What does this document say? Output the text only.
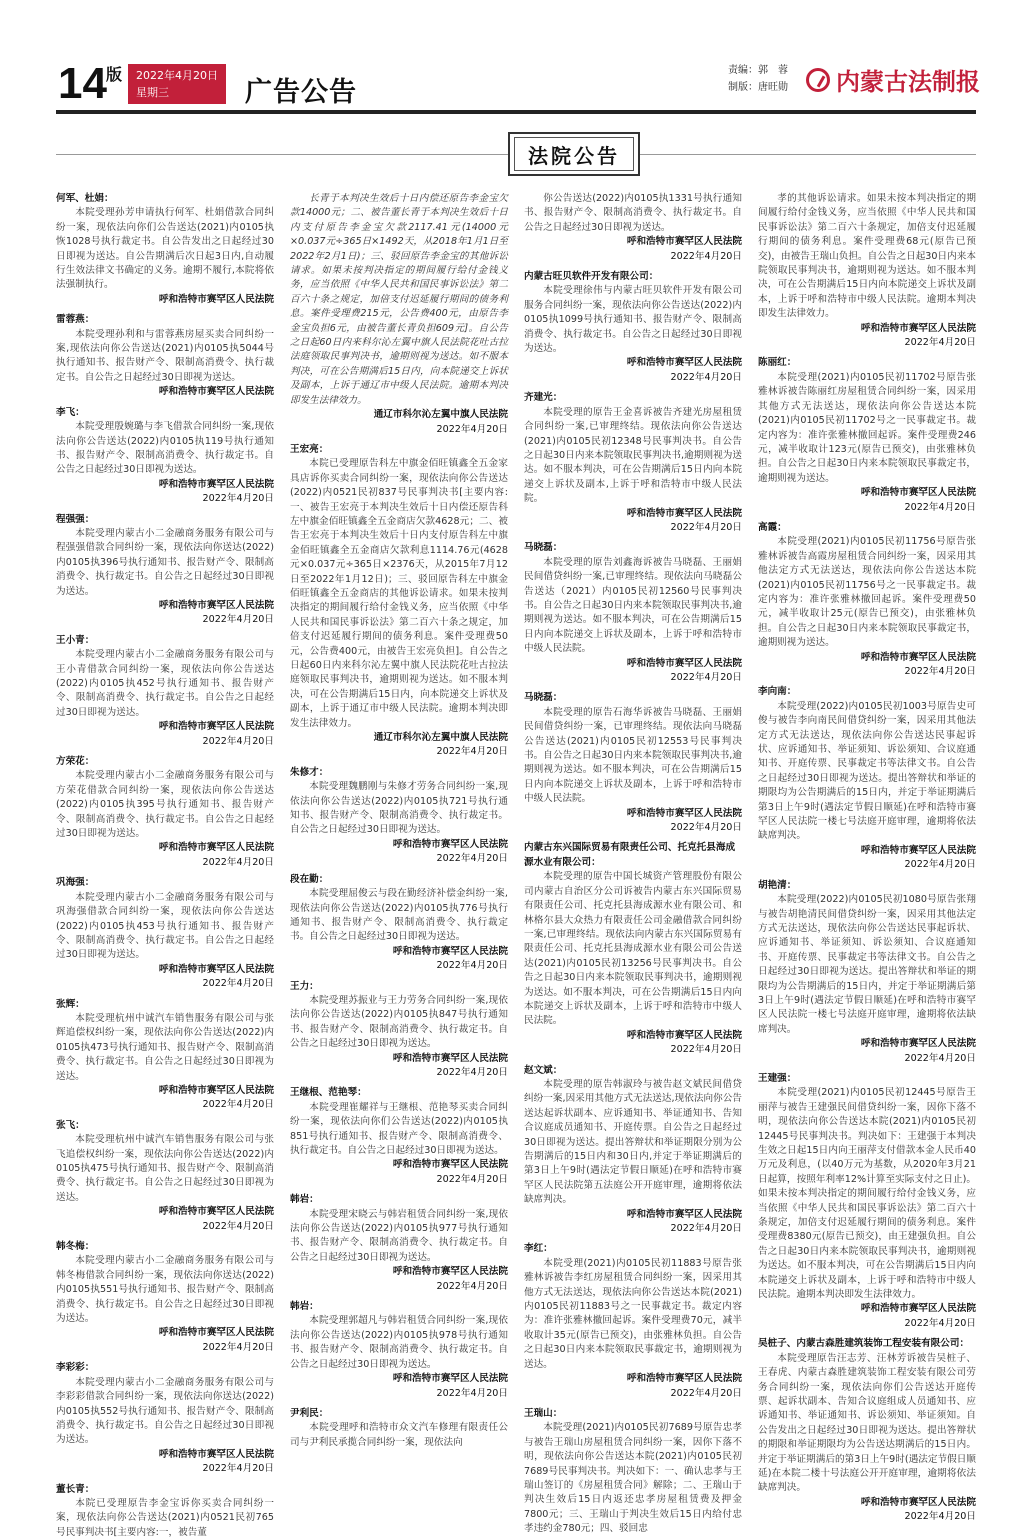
14 版 2022年4月20日
星期三	广告公告
责编：郭　蓉
制版：唐旺勋 内蒙古法制报
法院公告
何军、杜娟：
本院受理孙芳申请执行何军、杜娟借款合同纠纷一案，现依法向你们公告送达(2021)内0105执恢1028号执行裁定书。自公告发出之日起经过30日即视为送达。自公告期满后次日起3日内,自动履行生效法律文书确定的义务。逾期不履行,本院将依法强制执行。
呼和浩特市赛罕区人民法院
雷蓉燕：
本院受理孙利和与雷蓉燕房屋买卖合同纠纷一案,现依法向你公告送达(2021)内0105执5044号执行通知书、报告财产令、限制高消费令、执行裁定书。自公告之日起经过30日即视为送达。
呼和浩特市赛罕区人民法院
李飞：
本院受理殷婉璐与李飞借款合同纠纷一案,现依法向你公告送达(2022)内0105执119号执行通知书、报告财产令、限制高消费令、执行裁定书。自公告之日起经过30日即视为送达。
呼和浩特市赛罕区人民法院
2022年4月20日
程强强：
本院受理内蒙古小二金融商务服务有限公司与程强强借款合同纠纷一案，现依法向你送达(2022)内0105执396号执行通知书、报告财产令、限制高消费令、执行裁定书。自公告之日起经过30日即视为送达。
呼和浩特市赛罕区人民法院
2022年4月20日
王小青：
本院受理内蒙古小二金融商务服务有限公司与王小青借款合同纠纷一案，现依法向你公告送达(2022)内0105执452号执行通知书、报告财产令、限制高消费令、执行裁定书。自公告之日起经过30日即视为送达。
呼和浩特市赛罕区人民法院
2022年4月20日
方荣花：
本院受理内蒙古小二金融商务服务有限公司与方荣花借款合同纠纷一案，现依法向你公告送达(2022)内0105执395号执行通知书、报告财产令、限制高消费令、执行裁定书。自公告之日起经过30日即视为送达。
呼和浩特市赛罕区人民法院
2022年4月20日
巩海强：
本院受理内蒙古小二金融商务服务有限公司与巩海强借款合同纠纷一案，现依法向你公告送达(2022)内0105执453号执行通知书、报告财产令、限制高消费令、执行裁定书。自公告之日起经过30日即视为送达。
呼和浩特市赛罕区人民法院
2022年4月20日
张辉：
本院受理杭州中诚汽车销售服务有限公司与张辉追偿权纠纷一案，现依法向你公告送达(2022)内0105执473号执行通知书、报告财产令、限制高消费令、执行裁定书。自公告之日起经过30日即视为送达。
呼和浩特市赛罕区人民法院
2022年4月20日
张飞：
本院受理杭州中诚汽车销售服务有限公司与张飞追偿权纠纷一案，现依法向你公告送达(2022)内0105执475号执行通知书、报告财产令、限制高消费令、执行裁定书。自公告之日起经过30日即视为送达。
呼和浩特市赛罕区人民法院
2022年4月20日
韩冬梅：
本院受理内蒙古小二金融商务服务有限公司与韩冬梅借款合同纠纷一案，现依法向你送达(2022)内0105执551号执行通知书、报告财产令、限制高消费令、执行裁定书。自公告之日起经过30日即视为送达。
呼和浩特市赛罕区人民法院
2022年4月20日
李彩彩：
本院受理内蒙古小二金融商务服务有限公司与李彩彩借款合同纠纷一案，现依法向你送达(2022)内0105执552号执行通知书、报告财产令、限制高消费令、执行裁定书。自公告之日起经过30日即视为送达。
呼和浩特市赛罕区人民法院
2022年4月20日
董长青：
本院已受理原告李金宝诉你买卖合同纠纷一案，现依法向你公告送达(2021)内0521民初765号民事判决书[主要内容:一，被告董
长青于本判决生效后十日内偿还原告李金宝欠款14000元；二、被告董长青于本判决生效后十日内支付原告李金宝欠款2117.41元(14000元×0.037元÷365日×1492天，从2018年1月1日至2022年2月1日)；三、驳回原告李金宝的其他诉讼请求。如果未按判决指定的期间履行给付金钱义务，应当依照《中华人民共和国民事诉讼法》第二百六十条之规定，加倍支付迟延履行期间的债务利息。案件受理费215元，公告费400元，由原告李金宝负担6元，由被告董长青负担609元]。自公告之日起60日内来科尔沁左翼中旗人民法院花吐古拉法庭领取民事判决书，逾期则视为送达。如不服本判决，可在公告期满后15日内，向本院递交上诉状及副本，上诉于通辽市中级人民法院。逾期本判决即发生法律效力。
通辽市科尔沁左翼中旗人民法院
2022年4月20日
王宏亮：
本院已受理原告科左中旗金佰旺镇鑫全五金家具店诉你买卖合同纠纷一案，现依法向你公告送达(2022)内0521民初837号民事判决书[主要内容:一、被告王宏亮于本判决生效后十日内偿还原告科左中旗金佰旺镇鑫全五金商店欠款4628元；二、被告王宏亮于本判决生效后十日内支付原告科左中旗金佰旺镇鑫全五金商店欠款利息1114.76元(4628元×0.037元÷365日×2376天，从2015年7月12日至2022年1月12日)；三、驳回原告科左中旗金佰旺镇鑫全五金商店的其他诉讼请求。如果未按判决指定的期间履行给付金钱义务，应当依照《中华人民共和国民事诉讼法》第二百六十条之规定，加倍支付迟延履行期间的债务利息。案件受理费50元，公告费400元，由被告王宏亮负担]。自公告之日起60日内来科尔沁左翼中旗人民法院花吐古拉法庭领取民事判决书，逾期则视为送达。如不服本判决，可在公告期满后15日内，向本院递交上诉状及副本，上诉于通辽市中级人民法院。逾期本判决即发生法律效力。
通辽市科尔沁左翼中旗人民法院
2022年4月20日
朱修才：
本院受理魏鹏刚与朱修才劳务合同纠纷一案,现依法向你公告送达(2022)内0105执721号执行通知书、报告财产令、限制高消费令、执行裁定书。自公告之日起经过30日即视为送达。
呼和浩特市赛罕区人民法院
2022年4月20日
段在勤：
本院受理屈俊云与段在勤经济补偿金纠纷一案,现依法向你公告送达(2022)内0105执776号执行通知书、报告财产令、限制高消费令、执行裁定书。自公告之日起经过30日即视为送达。
呼和浩特市赛罕区人民法院
2022年4月20日
王力：
本院受理苏振业与王力劳务合同纠纷一案,现依法向你公告送达(2022)内0105执847号执行通知书、报告财产令、限制高消费令、执行裁定书。自公告之日起经过30日即视为送达。
呼和浩特市赛罕区人民法院
2022年4月20日
王继根、范艳琴：
本院受理崔耀祥与王继根、范艳琴买卖合同纠纷一案，现依法向你们公告送达(2022)内0105执851号执行通知书、报告财产令、限制高消费令、执行裁定书。自公告之日起经过30日即视为送达。
呼和浩特市赛罕区人民法院
2022年4月20日
韩岩：
本院受理宋晓云与韩岩租赁合同纠纷一案,现依法向你公告送达(2022)内0105执977号执行通知书、报告财产令、限制高消费令、执行裁定书。自公告之日起经过30日即视为送达。
呼和浩特市赛罕区人民法院
2022年4月20日
韩岩：
本院受理郭超凡与韩岩租赁合同纠纷一案,现依法向你公告送达(2022)内0105执978号执行通知书、报告财产令、限制高消费令、执行裁定书。自公告之日起经过30日即视为送达。
呼和浩特市赛罕区人民法院
2022年4月20日
尹利民：
本院受理呼和浩特市众文汽车修理有限责任公司与尹利民承揽合同纠纷一案，现依法向
你公告送达(2022)内0105执1331号执行通知书、报告财产令、限制高消费令、执行裁定书。自公告之日起经过30日即视为送达。
呼和浩特市赛罕区人民法院
2022年4月20日
内蒙古旺贝软件开发有限公司：
本院受理徐伟与内蒙古旺贝软件开发有限公司服务合同纠纷一案，现依法向你公告送达(2022)内0105执1099号执行通知书、报告财产令、限制高消费令、执行裁定书。自公告之日起经过30日即视为送达。
呼和浩特市赛罕区人民法院
2022年4月20日
齐建光：
本院受理的原告王金喜诉被告齐建光房屋租赁合同纠纷一案,已审理终结。现依法向你公告送达(2021)内0105民初12348号民事判决书。自公告之日起30日内来本院领取民事判决书,逾期则视为送达。如不服本判决，可在公告期满后15日内向本院递交上诉状及副本,上诉于呼和浩特市中级人民法院。
呼和浩特市赛罕区人民法院
2022年4月20日
马晓磊：
本院受理的原告刘鑫海诉被告马晓磊、王丽娟民间借贷纠纷一案,已审理终结。现依法向马晓磊公告送达（2021）内0105民初12560号民事判决书。自公告之日起30日内来本院领取民事判决书,逾期则视为送达。如不服本判决，可在公告期满后15日内向本院递交上诉状及副本，上诉于呼和浩特市中级人民法院。
呼和浩特市赛罕区人民法院
2022年4月20日
马晓磊：
本院受理的原告石海华诉被告马晓磊、王丽娟民间借贷纠纷一案，已审理终结。现依法向马晓磊公告送达(2021)内0105民初12553号民事判决书。自公告之日起30日内来本院领取民事判决书,逾期则视为送达。如不服本判决，可在公告期满后15日内向本院递交上诉状及副本，上诉于呼和浩特市中级人民法院。
呼和浩特市赛罕区人民法院
2022年4月20日
内蒙古东兴国际贸易有限责任公司、托克托县海成源水业有限公司：
本院受理的原告中国长城资产管理股份有限公司内蒙古自治区分公司诉被告内蒙古东兴国际贸易有限责任公司、托克托县海成源水业有限公司、和林格尔县大众热力有限责任公司金融借款合同纠纷一案,已审理终结。现依法向内蒙古东兴国际贸易有限责任公司、托克托县海成源水业有限公司公告送达(2021)内0105民初13256号民事判决书。自公告之日起30日内来本院领取民事判决书，逾期则视为送达。如不服本判决，可在公告期满后15日内向本院递交上诉状及副本，上诉于呼和浩特市中级人民法院。
呼和浩特市赛罕区人民法院
2022年4月20日
赵文斌：
本院受理的原告韩淑玲与被告赵文斌民间借贷纠纷一案,因采用其他方式无法送达,现依法向你公告送达起诉状副本、应诉通知书、举证通知书、告知合议庭成员通知书、开庭传票。自公告之日起经过30日即视为送达。提出答辩状和举证期限分别为公告期满后的15日内和30日内,并定于举证期满后的第3日上午9时(遇法定节假日顺延)在呼和浩特市赛罕区人民法院第五法庭公开开庭审理，逾期将依法缺席判决。
呼和浩特市赛罕区人民法院
2022年4月20日
李红：
本院受理(2021)内0105民初11883号原告张雅林诉被告李红房屋租赁合同纠纷一案，因采用其他方式无法送达，现依法向你公告送达本院(2021)内0105民初11883号之一民事裁定书。裁定内容为：准许张雅林撤回起诉。案件受理费70元，减半收取计35元(原告已预交)，由张雅林负担。自公告之日起30日内来本院领取民事裁定书，逾期则视为送达。
呼和浩特市赛罕区人民法院
2022年4月20日
王瑞山：
本院受理(2021)内0105民初7689号原告忠孝与被告王瑞山房屋租赁合同纠纷一案，因你下落不明，现依法向你公告送达本院(2021)内0105民初7689号民事判决书。判决如下：一、确认忠孝与王瑞山签订的《房屋租赁合同》解除；二、王瑞山于判决生效后15日内返还忠孝房屋租赁费及押金7800元；三、王瑞山于判决生效后15日内给付忠孝违约金780元；四、驳回忠
孝的其他诉讼请求。如果未按本判决指定的期间履行给付金钱义务，应当依照《中华人民共和国民事诉讼法》第二百六十条规定，加倍支付迟延履行期间的债务利息。案件受理费68元(原告已预交)，由被告王瑞山负担。自公告之日起30日内来本院领取民事判决书，逾期则视为送达。如不服本判决，可在公告期满后15日内向本院递交上诉状及副本，上诉于呼和浩特市中级人民法院。逾期本判决即发生法律效力。
呼和浩特市赛罕区人民法院
2022年4月20日
陈丽红：
本院受理(2021)内0105民初11702号原告张雅林诉被告陈丽红房屋租赁合同纠纷一案，因采用其他方式无法送达，现依法向你公告送达本院(2021)内0105民初11702号之一民事裁定书。裁定内容为：准许张雅林撤回起诉。案件受理费246元，减半收取计123元(原告已预交)，由张雅林负担。自公告之日起30日内来本院领取民事裁定书，逾期则视为送达。
呼和浩特市赛罕区人民法院
2022年4月20日
高霞：
本院受理(2021)内0105民初11756号原告张雅林诉被告高霞房屋租赁合同纠纷一案，因采用其他法定方式无法送达，现依法向你公告送达本院(2021)内0105民初11756号之一民事裁定书。裁定内容为：准许张雅林撤回起诉。案件受理费50元，减半收取计25元(原告已预交)，由张雅林负担。自公告之日起30日内来本院领取民事裁定书，逾期则视为送达。
呼和浩特市赛罕区人民法院
2022年4月20日
李向南：
本院受理(2022)内0105民初1003号原告史可俊与被告李向南民间借贷纠纷一案，因采用其他法定方式无法送达，现依法向你公告送达民事起诉状、应诉通知书、举证须知、诉讼须知、合议庭通知书、开庭传票、民事裁定书等法律文书。自公告之日起经过30日即视为送达。提出答辩状和举证的期限均为公告期满后的15日内，并定于举证期满后第3日上午9时(遇法定节假日顺延)在呼和浩特市赛罕区人民法院一楼七号法庭开庭审理，逾期将依法缺席判决。
呼和浩特市赛罕区人民法院
2022年4月20日
胡艳清：
本院受理(2022)内0105民初1080号原告张翔与被告胡艳清民间借贷纠纷一案，因采用其他法定方式无法送达，现依法向你公告送达民事起诉状、应诉通知书、举证须知、诉讼须知、合议庭通知书、开庭传票、民事裁定书等法律文书。自公告之日起经过30日即视为送达。提出答辩状和举证的期限均为公告期满后的15日内，并定于举证期满后第3日上午9时(遇法定节假日顺延)在呼和浩特市赛罕区人民法院一楼七号法庭开庭审理，逾期将依法缺席判决。
呼和浩特市赛罕区人民法院
2022年4月20日
王建强：
本院受理(2021)内0105民初12445号原告王丽萍与被告王建强民间借贷纠纷一案，因你下落不明，现依法向你公告送达本院(2021)内0105民初12445号民事判决书。判决如下：王建强于本判决生效之日起15日内向王丽萍支付借款本金人民币40万元及利息，(以40万元为基数，从2020年3月21日起算，按照年利率12%计算至实际支付之日止)。如果未按本判决指定的期间履行给付金钱义务，应当依照《中华人民共和国民事诉讼法》第二百六十条规定，加倍支付迟延履行期间的债务利息。案件受理费8380元(原告已预交)，由王建强负担。自公告之日起30日内来本院领取民事判决书，逾期则视为送达。如不服本判决，可在公告期满后15日内向本院递交上诉状及副本，上诉于呼和浩特市中级人民法院。逾期本判决即发生法律效力。
呼和浩特市赛罕区人民法院
2022年4月20日
吴桩子、内蒙古森胜建筑装饰工程安装有限公司：
本院受理原告汪志芳、汪林芳诉被告吴桩子、王春虎、内蒙古森胜建筑装饰工程安装有限公司劳务合同纠纷一案，现依法向你们公告送达开庭传票、起诉状副本、告知合议庭组成人员通知书、应诉通知书、举证通知书、诉讼须知、举证须知。自公告发出之日起经过30日即视为送达。提出答辩状的期限和举证期限均为公告送达期满后的15日内。并定于举证期满后的第3日上午9时(遇法定节假日顺延)在本院二楼十号法庭公开开庭审理，逾期将依法缺席判决。
呼和浩特市赛罕区人民法院
2022年4月20日
